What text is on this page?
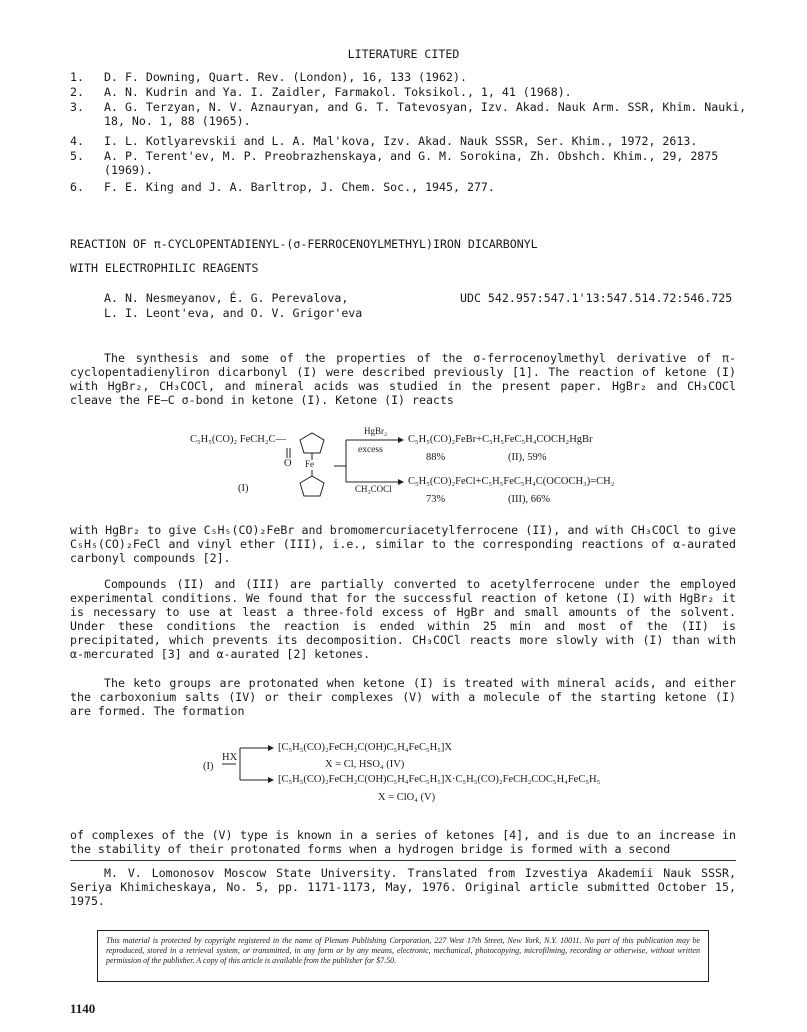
LITERATURE CITED
1. D. F. Downing, Quart. Rev. (London), 16, 133 (1962).
2. A. N. Kudrin and Ya. I. Zaidler, Farmakol. Toksikol., 1, 41 (1968).
3. A. G. Terzyan, N. V. Aznauryan, and G. T. Tatevosyan, Izv. Akad. Nauk Arm. SSR, Khim. Nauki, 18, No. 1, 88 (1965).
4. I. L. Kotlyarevskii and L. A. Mal'kova, Izv. Akad. Nauk SSSR, Ser. Khim., 1972, 2613.
5. A. P. Terent'ev, M. P. Preobrazhenskaya, and G. M. Sorokina, Zh. Obshch. Khim., 29, 2875 (1969).
6. F. E. King and J. A. Barltrop, J. Chem. Soc., 1945, 277.
REACTION OF π-CYCLOPENTADIENYL-(σ-FERROCENOYLMETHYL)IRON DICARBONYL
WITH ELECTROPHILIC REAGENTS
A. N. Nesmeyanov, É. G. Perevalova,
L. I. Leont'eva, and O. V. Grigor'eva
UDC 542.957:547.1'13:547.514.72:546.725

The synthesis and some of the properties of the σ-ferrocenoylmethyl derivative of π-cyclopentadienyliron dicarbonyl (I) were described previously [1]. The reaction of ketone (I) with HgBr₂, CH₃COCl, and mineral acids was studied in the present paper. HgBr₂ and CH₃COCl cleave the FE—C σ-bond in ketone (I). Ketone (I) reacts

C₅H₅(CO)₂ FeCH₂C—
O Fe
(I)
HgBr₂
excess
CH₃COCl
C₅H₅(CO)₂FeBr+C₅H₅FeC₅H₄COCH₂HgBr
88%	(II), 59%
C₅H₅(CO)₂FeCl+C₅H₅FeC₅H₄C(OCOCH₃)=CH₂
73%	(III), 66%

with HgBr₂ to give C₅H₅(CO)₂FeBr and bromomercuriacetylferrocene (II), and with CH₃COCl to give C₅H₅(CO)₂FeCl and vinyl ether (III), i.e., similar to the corresponding reactions of α-aurated carbonyl compounds [2].

Compounds (II) and (III) are partially converted to acetylferrocene under the employed experimental conditions. We found that for the successful reaction of ketone (I) with HgBr₂ it is necessary to use at least a three-fold excess of HgBr and small amounts of the solvent. Under these conditions the reaction is ended within 25 min and most of the (II) is precipitated, which prevents its decomposition. CH₃COCl reacts more slowly with (I) than with α-mercurated [3] and α-aurated [2] ketones.

The keto groups are protonated when ketone (I) is treated with mineral acids, and either the carboxonium salts (IV) or their complexes (V) with a molecule of the starting ketone (I) are formed. The formation

(I)
HX
[C₅H₅(CO)₂FeCH₂C(OH)C₅H₄FeC₅H₅]X
X = Cl, HSO₄ (IV)
[C₅H₅(CO)₂FeCH₂C(OH)C₅H₄FeC₅H₅]X·C₅H₅(CO)₂FeCH₂COC₅H₄FeC₅H₅
X = ClO₄ (V)

of complexes of the (V) type is known in a series of ketones [4], and is due to an increase in the stability of their protonated forms when a hydrogen bridge is formed with a second

M. V. Lomonosov Moscow State University. Translated from Izvestiya Akademii Nauk SSSR, Seriya Khimicheskaya, No. 5, pp. 1171-1173, May, 1976. Original article submitted October 15, 1975.

This material is protected by copyright registered in the name of Plenum Publishing Corporation, 227 West 17th Street, New York, N.Y. 10011. No part of this publication may be reproduced, stored in a retrieval system, or transmitted, in any form or by any means, electronic, mechanical, photocopying, microfilming, recording or otherwise, without written permission of the publisher. A copy of this article is available from the publisher for $7.50.
1140
